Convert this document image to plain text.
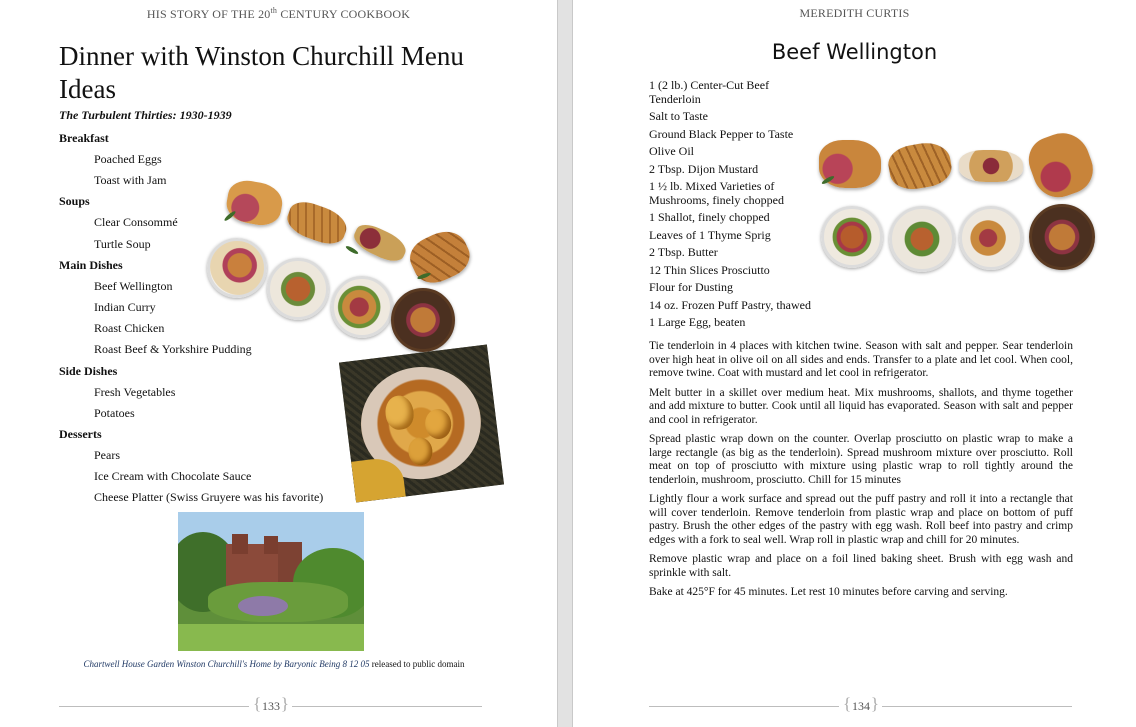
HIS STORY OF THE 20th CENTURY COOKBOOK
Dinner with Winston Churchill Menu Ideas
The Turbulent Thirties: 1930-1939
Breakfast
Poached Eggs
Toast with Jam
Soups
Clear Consommé
Turtle Soup
Main Dishes
Beef Wellington
Indian Curry
Roast Chicken
Roast Beef & Yorkshire Pudding
Side Dishes
Fresh Vegetables
Potatoes
Desserts
Pears
Ice Cream with Chocolate Sauce
Cheese Platter (Swiss Gruyere was his favorite)
Chartwell House Garden Winston Churchill's Home by Baryonic Being 8 12 05 released to public domain
{ 133 }
MEREDITH CURTIS
Beef Wellington
1 (2 lb.) Center-Cut Beef Tenderloin
Salt to Taste
Ground Black Pepper to Taste
Olive Oil
2 Tbsp. Dijon Mustard
1 ½ lb. Mixed Varieties of Mushrooms, finely chopped
1 Shallot, finely chopped
Leaves of 1 Thyme Sprig
2 Tbsp. Butter
12 Thin Slices Prosciutto
Flour for Dusting
14 oz. Frozen Puff Pastry, thawed
1 Large Egg, beaten

Tie tenderloin in 4 places with kitchen twine. Season with salt and pepper. Sear tenderloin over high heat in olive oil on all sides and ends. Transfer to a plate and let cool. When cool, remove twine. Coat with mustard and let cool in refrigerator.

Melt butter in a skillet over medium heat. Mix mushrooms, shallots, and thyme together and add mixture to butter. Cook until all liquid has evaporated. Season with salt and pepper and cool in refrigerator.

Spread plastic wrap down on the counter. Overlap prosciutto on plastic wrap to make a large rectangle (as big as the tenderloin). Spread mushroom mixture over prosciutto. Roll meat on top of prosciutto with mixture using plastic wrap to roll tightly around the tenderloin, mushroom, prosciutto. Chill for 15 minutes

Lightly flour a work surface and spread out the puff pastry and roll it into a rectangle that will cover tenderloin. Remove tenderloin from plastic wrap and place on bottom of puff pastry. Brush the other edges of the pastry with egg wash. Roll beef into pastry and crimp edges with a fork to seal well. Wrap roll in plastic wrap and chill for 20 minutes.

Remove plastic wrap and place on a foil lined baking sheet. Brush with egg wash and sprinkle with salt.

Bake at 425°F for 45 minutes. Let rest 10 minutes before carving and serving.

{ 134 }
